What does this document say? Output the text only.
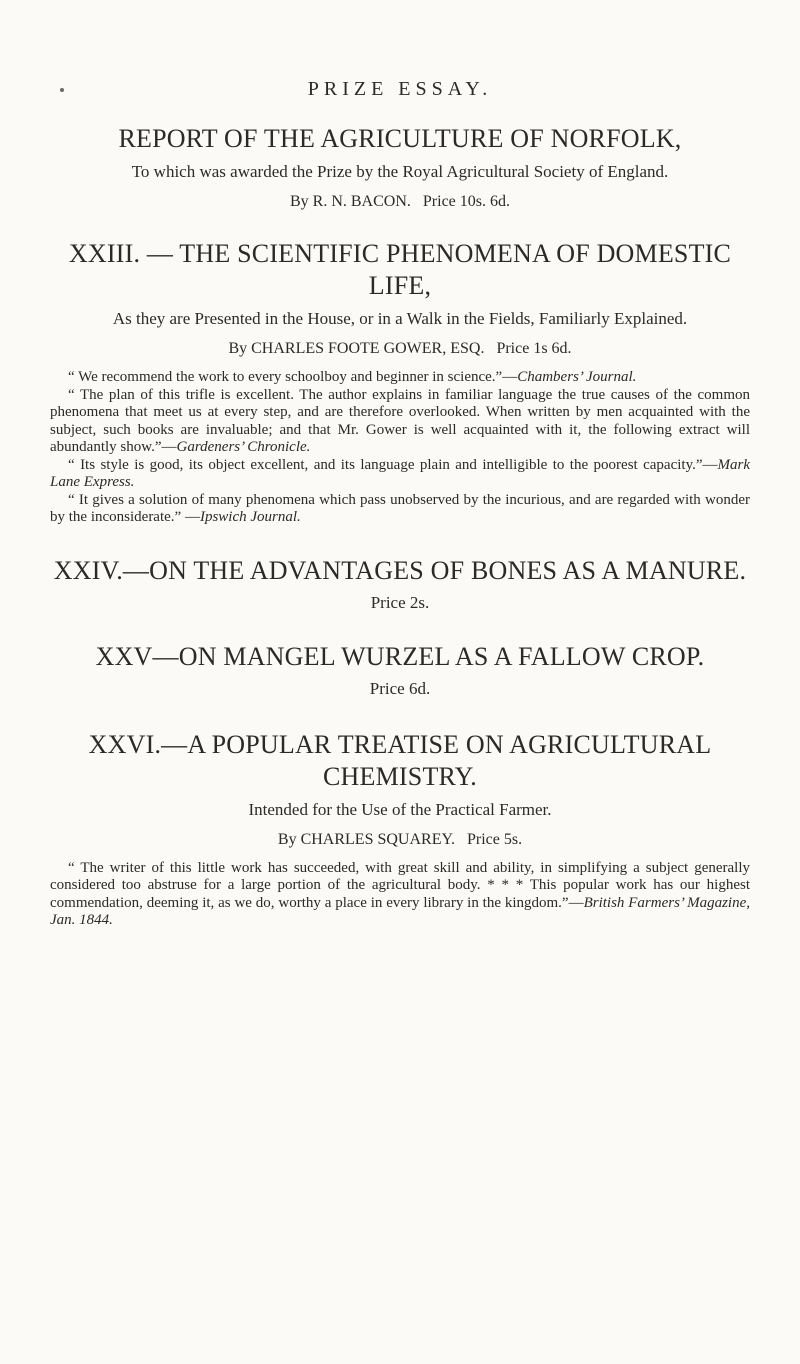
PRIZE ESSAY.
REPORT OF THE AGRICULTURE OF NORFOLK,

To which was awarded the Prize by the Royal Agricultural Society of England.

By R. N. BACON. Price 10s. 6d.

XXIII. — THE SCIENTIFIC PHENOMENA OF DOMESTIC LIFE,

As they are Presented in the House, or in a Walk in the Fields, Familiarly Explained.

By CHARLES FOOTE GOWER, ESQ. Price 1s 6d.

“ We recommend the work to every schoolboy and beginner in science.”—Chambers’ Journal.

“ The plan of this trifle is excellent. The author explains in familiar language the true causes of the common phenomena that meet us at every step, and are therefore overlooked. When written by men acquainted with the subject, such books are invaluable; and that Mr. Gower is well acquainted with it, the following extract will abundantly show.”—Gardeners’ Chronicle.

“ Its style is good, its object excellent, and its language plain and intelligible to the poorest capacity.”—Mark Lane Express.

“ It gives a solution of many phenomena which pass unobserved by the incurious, and are regarded with wonder by the inconsiderate.” —Ipswich Journal.

XXIV.—ON THE ADVANTAGES OF BONES AS A MANURE.

Price 2s.

XXV—ON MANGEL WURZEL AS A FALLOW CROP.

Price 6d.

XXVI.—A POPULAR TREATISE ON AGRICULTURAL CHEMISTRY.

Intended for the Use of the Practical Farmer.

By CHARLES SQUAREY. Price 5s.

“ The writer of this little work has succeeded, with great skill and ability, in simplifying a subject generally considered too abstruse for a large portion of the agricultural body. * * * This popular work has our highest commendation, deeming it, as we do, worthy a place in every library in the kingdom.”—British Farmers’ Magazine, Jan. 1844.
